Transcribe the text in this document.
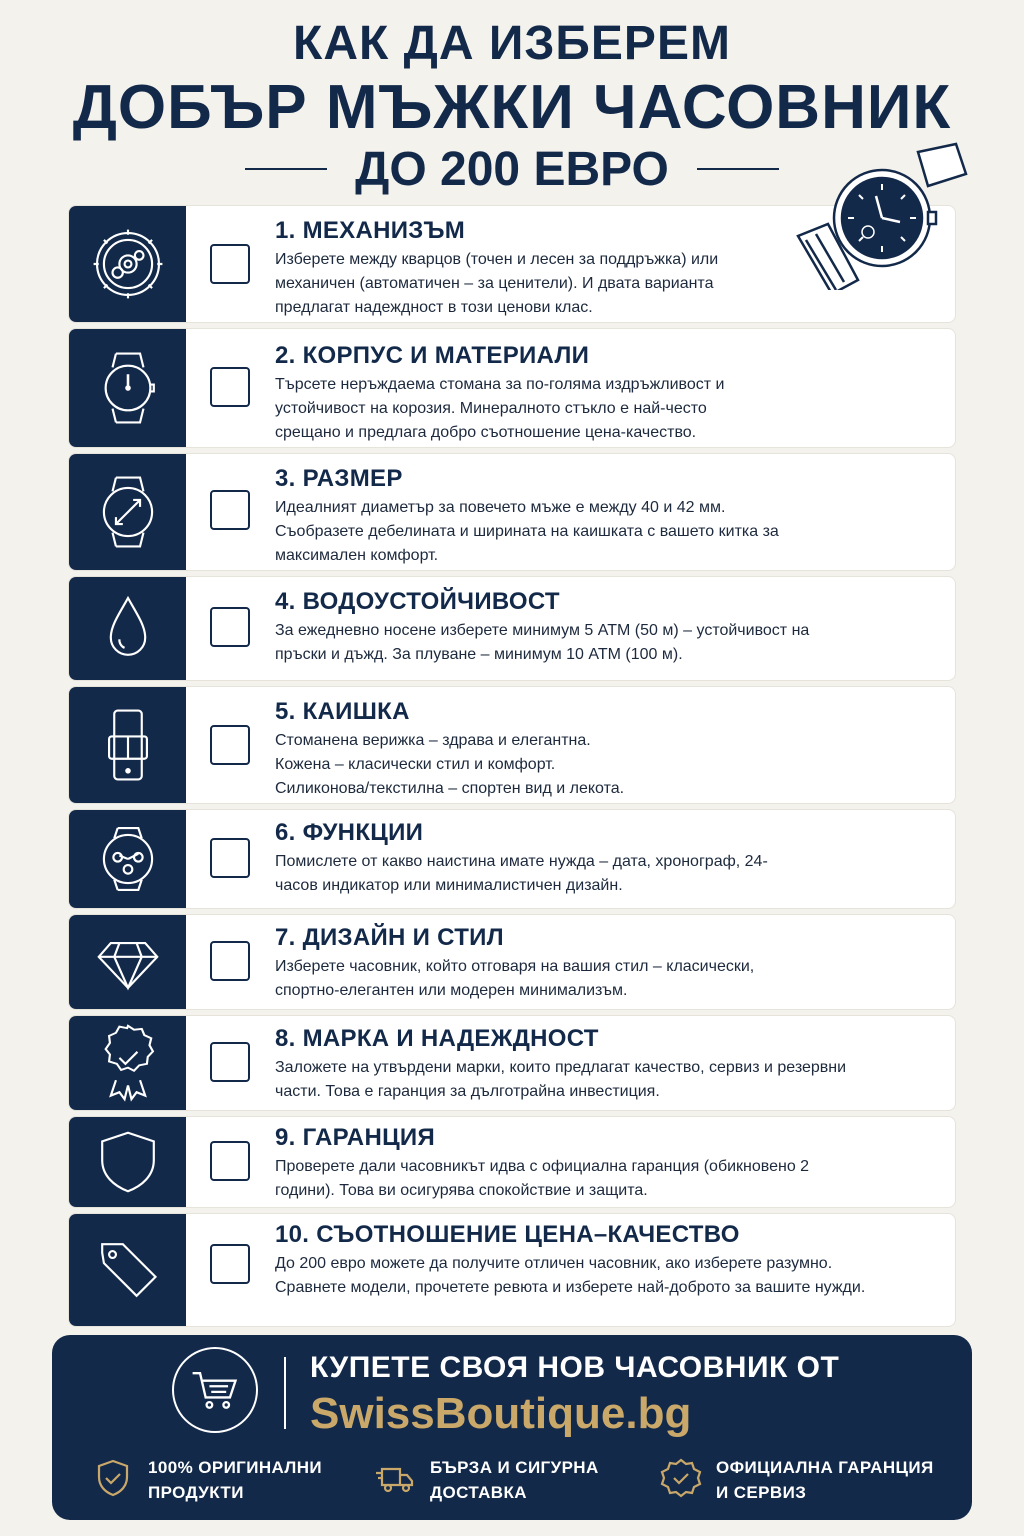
КАК ДА ИЗБЕРЕМ
ДОБЪР МЪЖКИ ЧАСОВНИК
ДО 200 ЕВРО
1. МЕХАНИЗЪМ
Изберете между кварцов (точен и лесен за поддръжка) или механичен (автоматичен – за ценители). И двата варианта предлагат надеждност в този ценови клас.
2. КОРПУС И МАТЕРИАЛИ
Търсете неръждаема стомана за по-голяма издръжливост и устойчивост на корозия. Минералното стъкло е най-често срещано и предлага добро съотношение цена-качество.
3. РАЗМЕР
Идеалният диаметър за повечето мъже е между 40 и 42 мм. Съобразете дебелината и ширината на каишката с вашето китка за максимален комфорт.
4. ВОДОУСТОЙЧИВОСТ
За ежедневно носене изберете минимум 5 ATM (50 м) – устойчивост на пръски и дъжд. За плуване – минимум 10 ATM (100 м).
5. КАИШКА
Стоманена верижка – здрава и елегантна.
Кожена – класически стил и комфорт.
Силиконова/текстилна – спортен вид и лекота.
6. ФУНКЦИИ
Помислете от какво наистина имате нужда – дата, хронограф, 24-часов индикатор или минималистичен дизайн.
7. ДИЗАЙН И СТИЛ
Изберете часовник, който отговаря на вашия стил – класически, спортно-елегантен или модерен минимализъм.
8. МАРКА И НАДЕЖДНОСТ
Заложете на утвърдени марки, които предлагат качество, сервиз и резервни части. Това е гаранция за дълготрайна инвестиция.
9. ГАРАНЦИЯ
Проверете дали часовникът идва с официална гаранция (обикновено 2 години). Това ви осигурява спокойствие и защита.
10. СЪОТНОШЕНИЕ ЦЕНА–КАЧЕСТВО
До 200 евро можете да получите отличен часовник, ако изберете разумно. Сравнете модели, прочетете ревюта и изберете най-доброто за вашите нужди.
КУПЕТЕ СВОЯ НОВ ЧАСОВНИК ОТ
SwissBoutique.bg
100% ОРИГИНАЛНИ
ПРОДУКТИ
БЪРЗА И СИГУРНА
ДОСТАВКА
ОФИЦИАЛНА ГАРАНЦИЯ
И СЕРВИЗ
